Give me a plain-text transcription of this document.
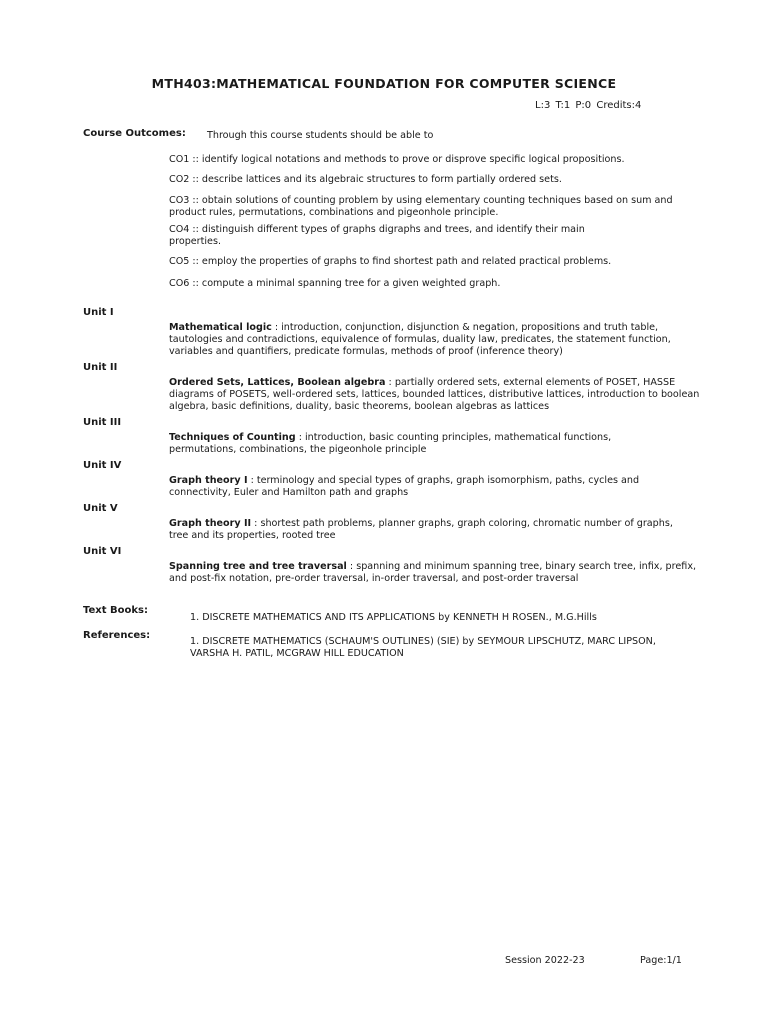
MTH403:MATHEMATICAL FOUNDATION FOR COMPUTER SCIENCE
L:3 T:1 P:0 Credits:4
Course Outcomes: Through this course students should be able to
CO1 :: identify logical notations and methods to prove or disprove specific logical propositions.
CO2 :: describe lattices and its algebraic structures to form partially ordered sets.
CO3 :: obtain solutions of counting problem by using elementary counting techniques based on sum and product rules, permutations, combinations and pigeonhole principle.
CO4 :: distinguish different types of graphs digraphs and trees, and identify their main properties.
CO5 :: employ the properties of graphs to find shortest path and related practical problems.
CO6 :: compute a minimal spanning tree for a given weighted graph.
Unit I
Mathematical logic : introduction, conjunction, disjunction & negation, propositions and truth table, tautologies and contradictions, equivalence of formulas, duality law, predicates, the statement function, variables and quantifiers, predicate formulas, methods of proof (inference theory)
Unit II
Ordered Sets, Lattices, Boolean algebra : partially ordered sets, external elements of POSET, HASSE diagrams of POSETS, well-ordered sets, lattices, bounded lattices, distributive lattices, introduction to boolean algebra, basic definitions, duality, basic theorems, boolean algebras as lattices
Unit III
Techniques of Counting : introduction, basic counting principles, mathematical functions, permutations, combinations, the pigeonhole principle
Unit IV
Graph theory I : terminology and special types of graphs, graph isomorphism, paths, cycles and connectivity, Euler and Hamilton path and graphs
Unit V
Graph theory II : shortest path problems, planner graphs, graph coloring, chromatic number of graphs, tree and its properties, rooted tree
Unit VI
Spanning tree and tree traversal : spanning and minimum spanning tree, binary search tree, infix, prefix, and post-fix notation, pre-order traversal, in-order traversal, and post-order traversal
Text Books:
1. DISCRETE MATHEMATICS AND ITS APPLICATIONS by KENNETH H ROSEN., M.G.Hills
References:
1. DISCRETE MATHEMATICS (SCHAUM'S OUTLINES) (SIE) by SEYMOUR LIPSCHUTZ, MARC LIPSON, VARSHA H. PATIL, MCGRAW HILL EDUCATION
Session 2022-23	Page:1/1
